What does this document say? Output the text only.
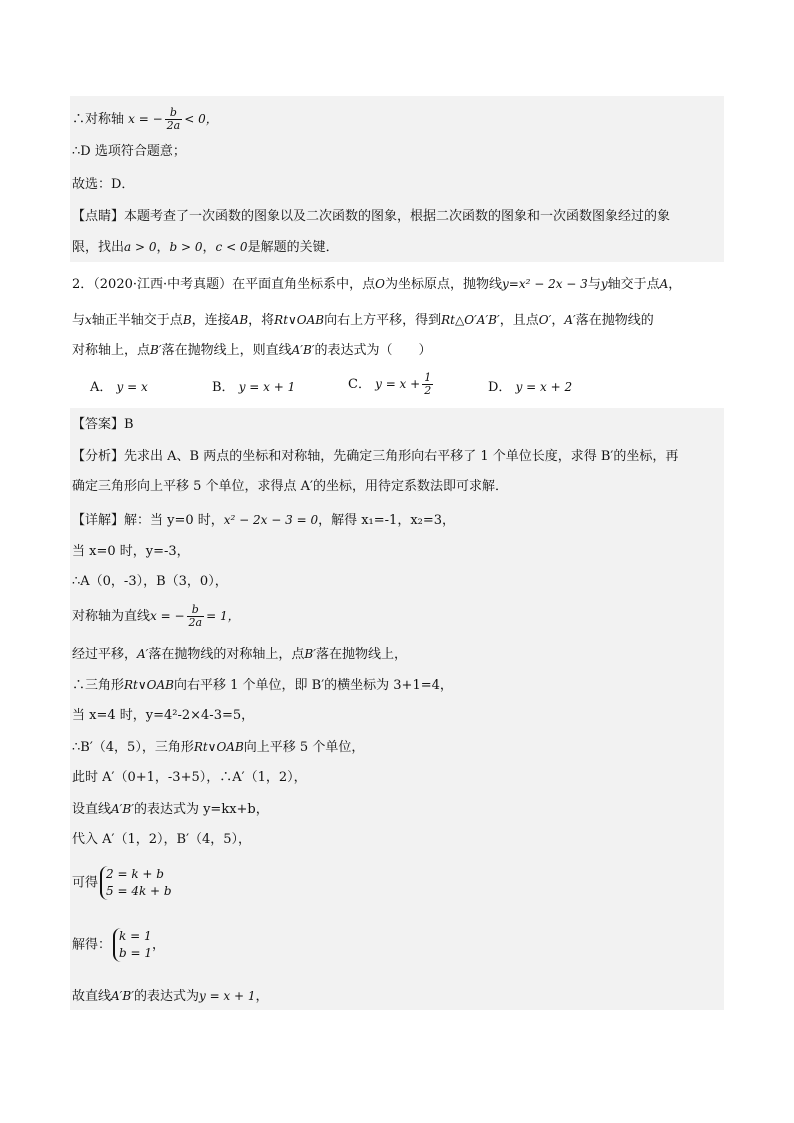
∴对称轴 x = − $\frac{b}{2a} < 0$，
∴D 选项符合题意；
故选：D．
【点睛】本题考查了一次函数的图象以及二次函数的图象，根据二次函数的图象和一次函数图象经过的象
限，找出a > 0，b > 0，c < 0是解题的关键．
2．（2020·江西·中考真题）在平面直角坐标系中，点O为坐标原点，抛物线y=x² − 2x − 3与y轴交于点A，
与x轴正半轴交于点B，连接AB，将Rt∨OAB向右上方平移，得到Rt△O′A′B′，且点O′，A′落在抛物线的
对称轴上，点B′落在抛物线上，则直线A′B′的表达式为（　　）
A． y = x	B． y = x + 1	C． $y = x + \frac{1}{2}$	D． y = x + 2
【答案】B
【分析】先求出 A、B 两点的坐标和对称轴，先确定三角形向右平移了 1 个单位长度，求得 B′的坐标，再
确定三角形向上平移 5 个单位，求得点 A′的坐标，用待定系数法即可求解．
【详解】解：当 y=0 时，x² − 2x − 3 = 0，解得 x₁=-1，x₂=3，
当 x=0 时，y=-3，
∴A（0，-3），B（3，0），
对称轴为直线x = − $\frac{b}{2a} = 1$，
经过平移，A′落在抛物线的对称轴上，点B′落在抛物线上，
∴三角形Rt∨OAB向右平移 1 个单位，即 B′的横坐标为 3+1=4，
当 x=4 时，y=4²-2×4-3=5，
∴B′（4，5），三角形Rt∨OAB向上平移 5 个单位，
此时 A′（0+1，-3+5），∴A′（1，2），
设直线A′B′的表达式为 y=kx+b，
代入 A′（1，2），B′（4，5），
可得2 = k + b
5 = 4k + b
解得：k = 1
b = 1，
故直线A′B′的表达式为y = x + 1，
